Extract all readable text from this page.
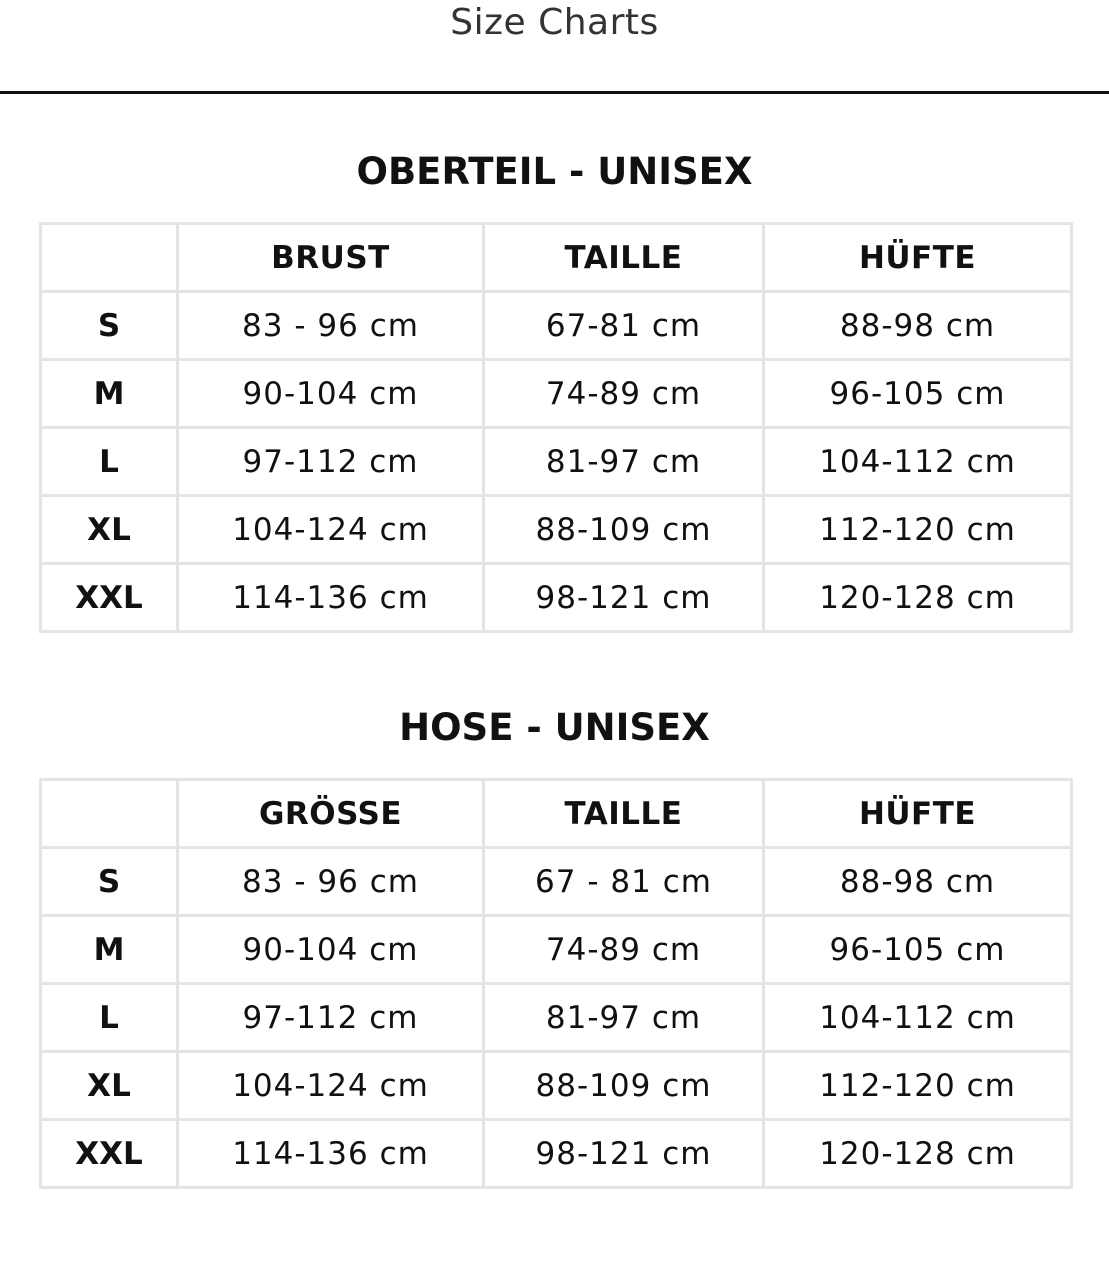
Size Charts
OBERTEIL - UNISEX
	BRUST	TAILLE	HÜFTE
S	83 - 96 cm	67-81 cm	88-98 cm
M	90-104 cm	74-89 cm	96-105 cm
L	97-112 cm	81-97 cm	104-112 cm
XL	104-124 cm	88-109 cm	112-120 cm
XXL	114-136 cm	98-121 cm	120-128 cm
HOSE - UNISEX
	GRÖSSE	TAILLE	HÜFTE
S	83 - 96 cm	67 - 81 cm	88-98 cm
M	90-104 cm	74-89 cm	96-105 cm
L	97-112 cm	81-97 cm	104-112 cm
XL	104-124 cm	88-109 cm	112-120 cm
XXL	114-136 cm	98-121 cm	120-128 cm
